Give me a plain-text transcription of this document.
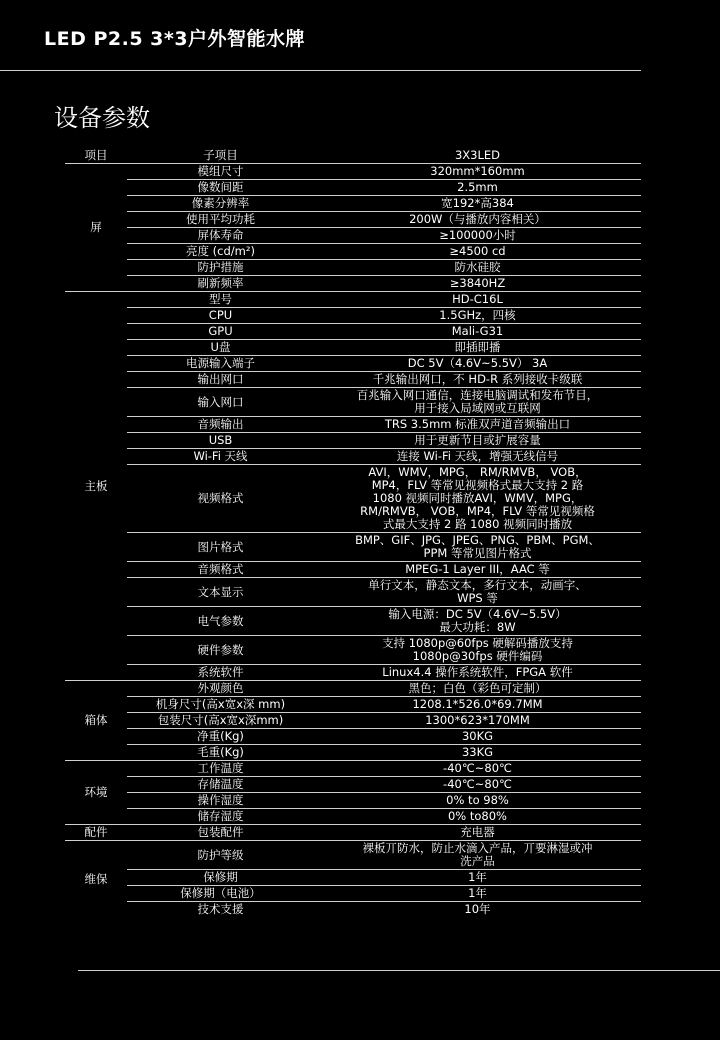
LED P2.5 3*3户外智能水牌
设备参数
项目	子项目	3X3LED
屏	模组尺寸	320mm*160mm
	像数间距	2.5mm
	像素分辨率	宽192*高384
	使用平均功耗	200W（与播放内容相关）
	屏体寿命	≥100000小时
	亮度 (cd/m²)	≥4500 cd
	防护措施	防水硅胶
	刷新频率	≥3840HZ
主板	型号	HD-C16L
	CPU	1.5GHz，四核
	GPU	Mali-G31
	U盘	即插即播
	电源输入端子	DC 5V（4.6V~5.5V） 3A
	输出网口	千兆输出网口，不 HD-R 系列接收卡级联
	输入网口	百兆输入网口通信，连接电脑调试和发布节目，
用于接入局域网或互联网
	音频输出	TRS 3.5mm 标准双声道音频输出口
	USB	用于更新节目或扩展容量
	Wi-Fi 天线	连接 Wi-Fi 天线，增强无线信号
	视频格式	AVI，WMV，MPG， RM/RMVB， VOB，
MP4，FLV 等常见视频格式最大支持 2 路
1080 视频同时播放AVI，WMV，MPG，
RM/RMVB， VOB，MP4，FLV 等常见视频格
式最大支持 2 路 1080 视频同时播放
	图片格式	BMP、GIF、JPG、JPEG、PNG、PBM、PGM、
PPM 等常见图片格式
	音频格式	MPEG-1 Layer III，AAC 等
	文本显示	单行文本，静态文本，多行文本，动画字、
WPS 等
	电气参数	输入电源：DC 5V（4.6V~5.5V）
最大功耗：8W
	硬件参数	支持 1080p@60fps 硬解码播放支持
1080p@30fps 硬件编码
	系统软件	Linux4.4 操作系统软件，FPGA 软件
箱体	外观颜色	黑色；白色（彩色可定制）
	机身尺寸(高x宽x深 mm)	1208.1*526.0*69.7MM
	包装尺寸(高x宽x深mm)	1300*623*170MM
	净重(Kg)	30KG
	毛重(Kg)	33KG
环境	工作温度	-40℃~80℃
	存储温度	-40℃~80℃
	操作湿度	0% to 98%
	储存湿度	0% to80%
配件	包装配件	充电器
维保	防护等级	裸板丌防水，防止水滴入产品，丌要淋湿或冲
洗产品
	保修期	1年
	保修期（电池）	1年
	技术支援	10年
